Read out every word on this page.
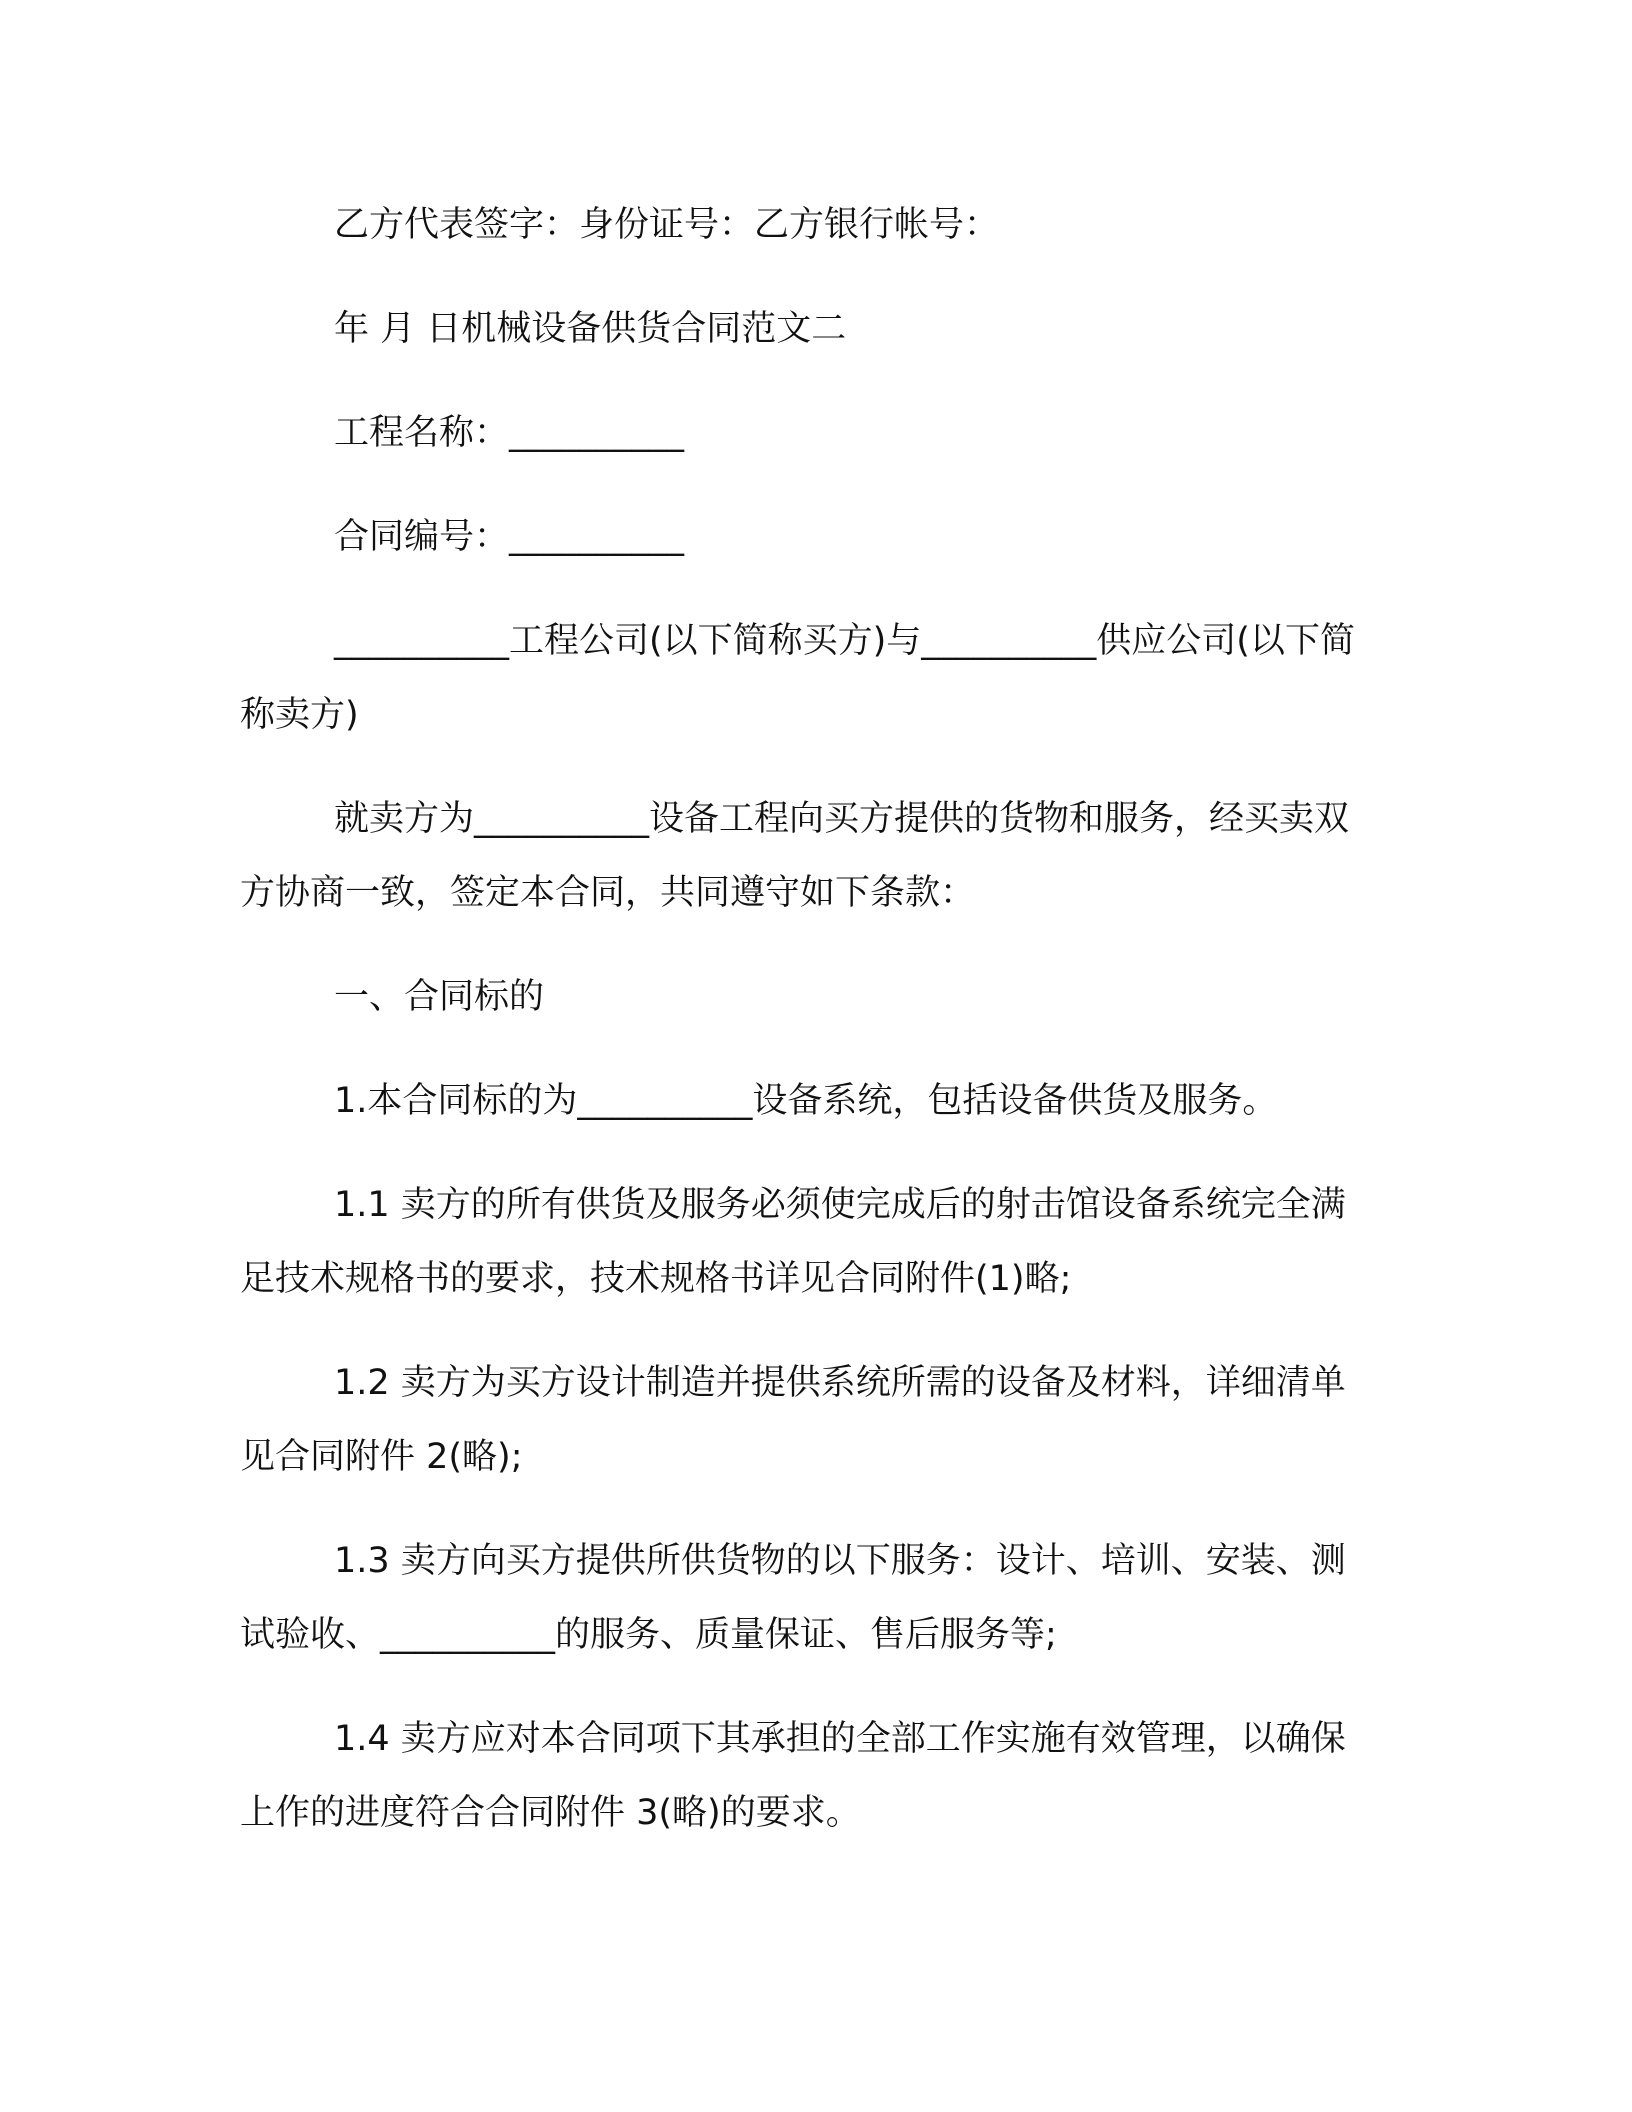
乙方代表签字：身份证号：乙方银行帐号：

年 月 日机械设备供货合同范文二

工程名称：__________

合同编号：__________

__________工程公司(以下简称买方)与__________供应公司(以下简称卖方)

就卖方为__________设备工程向买方提供的货物和服务，经买卖双方协商一致，签定本合同，共同遵守如下条款：

一、合同标的

1.本合同标的为__________设备系统，包括设备供货及服务。

1.1 卖方的所有供货及服务必须使完成后的射击馆设备系统完全满足技术规格书的要求，技术规格书详见合同附件(1)略;

1.2 卖方为买方设计制造并提供系统所需的设备及材料，详细清单见合同附件 2(略);

1.3 卖方向买方提供所供货物的以下服务：设计、培训、安装、测试验收、__________的服务、质量保证、售后服务等;

1.4 卖方应对本合同项下其承担的全部工作实施有效管理，以确保上作的进度符合合同附件 3(略)的要求。
